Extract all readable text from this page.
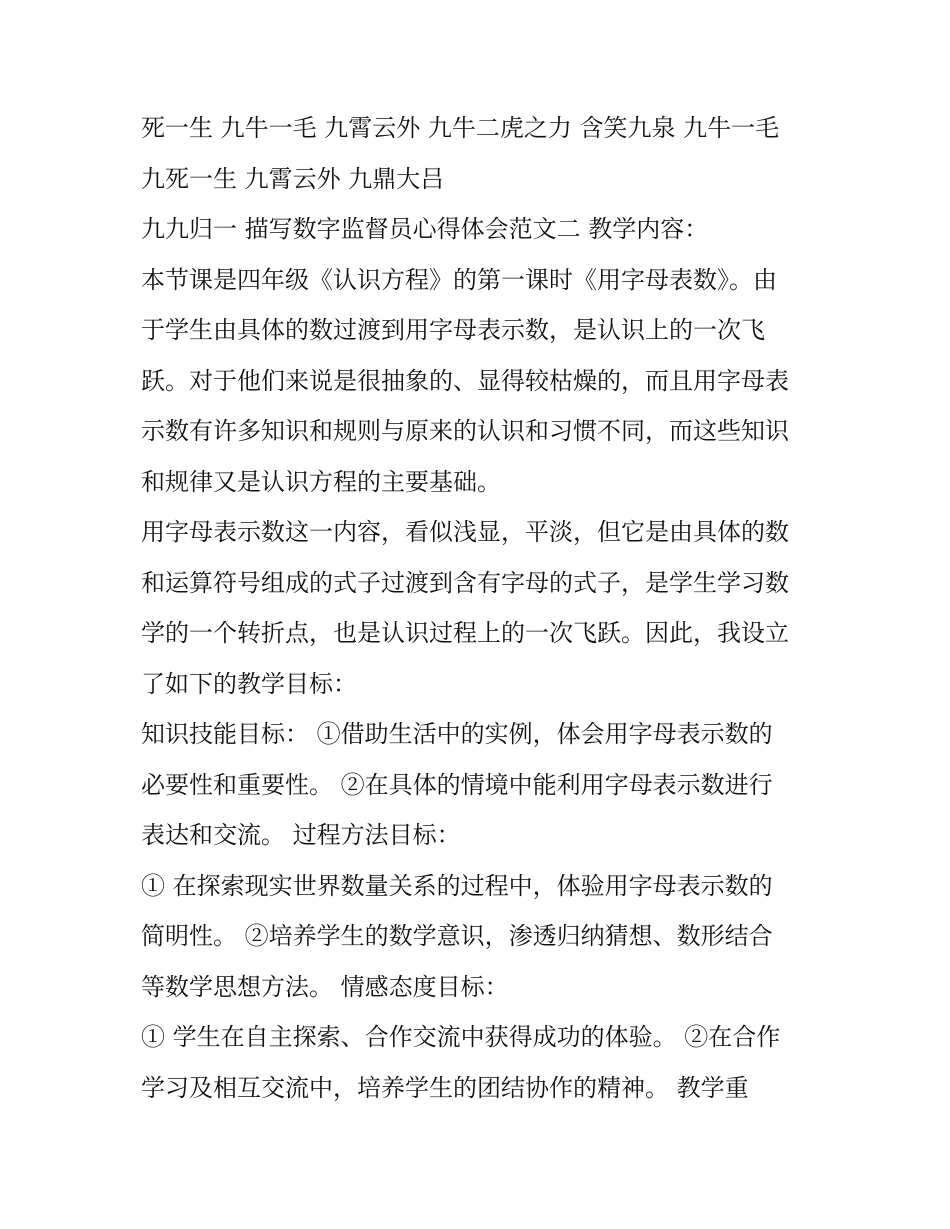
死一生 九牛一毛 九霄云外 九牛二虎之力 含笑九泉 九牛一毛
九死一生 九霄云外 九鼎大吕
九九归一 描写数字监督员心得体会范文二 教学内容：
本节课是四年级《认识方程》的第一课时《用字母表数》。由
于学生由具体的数过渡到用字母表示数，是认识上的一次飞
跃。对于他们来说是很抽象的、显得较枯燥的，而且用字母表
示数有许多知识和规则与原来的认识和习惯不同，而这些知识
和规律又是认识方程的主要基础。
用字母表示数这一内容，看似浅显，平淡，但它是由具体的数
和运算符号组成的式子过渡到含有字母的式子，是学生学习数
学的一个转折点，也是认识过程上的一次飞跃。因此，我设立
了如下的教学目标：
知识技能目标： ①借助生活中的实例，体会用字母表示数的
必要性和重要性。 ②在具体的情境中能利用字母表示数进行
表达和交流。 过程方法目标：
① 在探索现实世界数量关系的过程中，体验用字母表示数的
简明性。 ②培养学生的数学意识，渗透归纳猜想、数形结合
等数学思想方法。 情感态度目标：
① 学生在自主探索、合作交流中获得成功的体验。 ②在合作
学习及相互交流中，培养学生的团结协作的精神。 教学重
